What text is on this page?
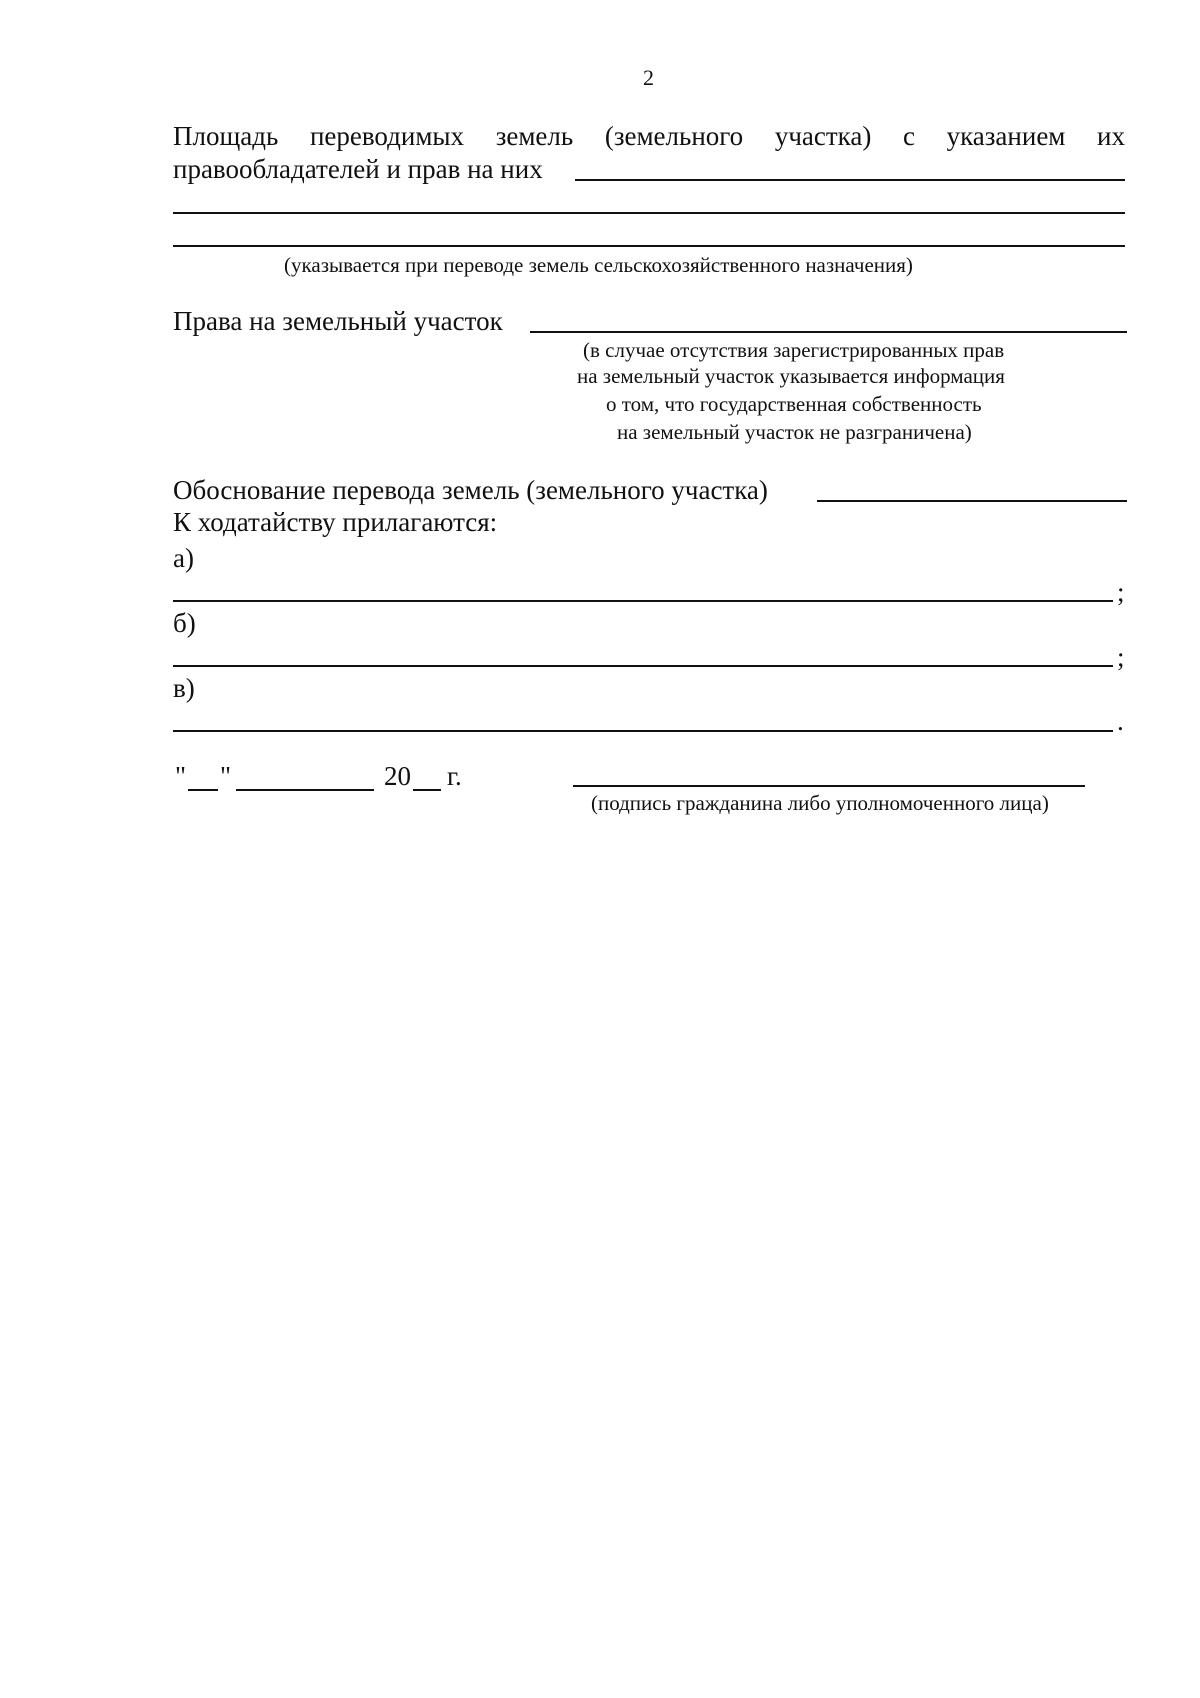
2
Площадь переводимых земель (земельного участка) с указанием их
правообладателей и прав на них
(указывается при переводе земель сельскохозяйственного назначения)
Права на земельный участок
(в случае отсутствия зарегистрированных прав
на земельный участок указывается информация
о том, что государственная собственность
на земельный участок не разграничена)
Обоснование перевода земель (земельного участка)
К ходатайству прилагаются:
а)
;
б)
;
в)
.
" "	20 г.
(подпись гражданина либо уполномоченного лица)
